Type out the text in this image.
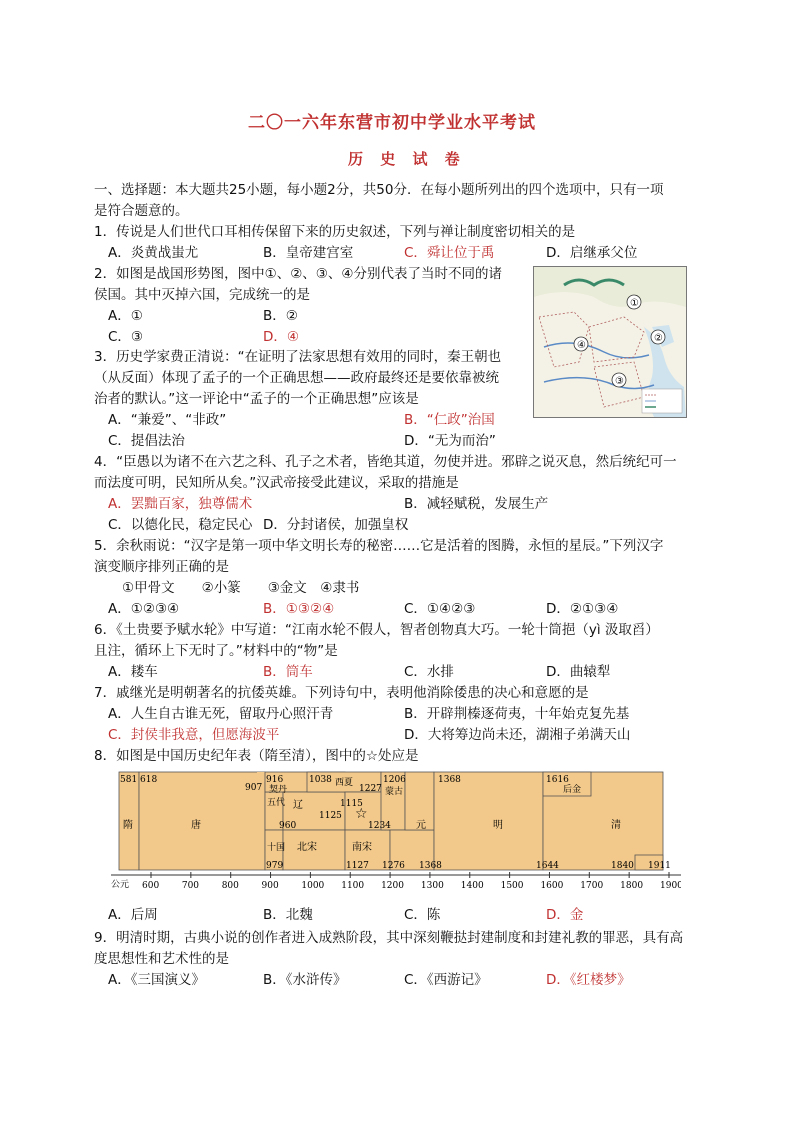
二〇一六年东营市初中学业水平考试
历 史 试 卷
一、选择题：本大题共25小题，每小题2分，共50分．在每小题所列出的四个选项中，只有一项
是符合题意的。
1．传说是人们世代口耳相传保留下来的历史叙述，下列与禅让制度密切相关的是
A．炎黄战蚩尤	B．皇帝建宫室	C．舜让位于禹	D．启继承父位
2．如图是战国形势图，图中①、②、③、④分别代表了当时不同的诸
侯国。其中灭掉六国，完成统一的是
A．①	B．②
C．③	D．④
①
②
③
④
3．历史学家费正清说：“在证明了法家思想有效用的同时，秦王朝也
（从反面）体现了孟子的一个正确思想——政府最终还是要依靠被统
治者的默认。”这一评论中“孟子的一个正确思想”应该是
A．“兼爱”、“非政”	B．“仁政”治国
C．提倡法治	D．“无为而治”
4．“臣愚以为诸不在六艺之科、孔子之术者，皆绝其道，勿使并进。邪辟之说灭息，然后统纪可一
而法度可明，民知所从矣。”汉武帝接受此建议，采取的措施是
A．罢黜百家，独尊儒术	B．减轻赋税，发展生产
C．以德化民，稳定民心 D．分封诸侯，加强皇权
5．余秋雨说：“汉字是第一项中华文明长寿的秘密……它是活着的图腾，永恒的星辰。”下列汉字
演变顺序排列正确的是
①甲骨文　　②小篆　　③金文　④隶书
A．①②③④	B．①③②④	C．①④②③	D．②①③④
6．《土贵要予赋水轮》中写道：“江南水轮不假人，智者创物真大巧。一轮十筒挹（yì 汲取舀）
且注，循环上下无时了。”材料中的“物”是
A．耧车	B．筒车	C．水排	D．曲辕犁
7．戚继光是明朝著名的抗倭英雄。下列诗句中，表明他消除倭患的决心和意愿的是
A．人生自古谁无死，留取丹心照汗青	B．开辟荆榛逐荷夷，十年始克复先基
C．封侯非我意，但愿海波平	D．大将筹边尚未还，湖湘子弟满天山
8．如图是中国历史纪年表（隋至清），图中的☆处应是
581 618
907
916
960
979
1038
1115
1125
1127
1206
1227
1234
1276
1368
1368
1616
1644	1840 1911
隋	唐
五代
十国
契丹
辽
北宋	南宋
西夏
蒙古
元	明
后金
清
☆
公元 600	700	800	900	1000 1100 1200 1300 1400 1500 1600 1700 1800 1900
A．后周	B．北魏	C．陈	D．金
9．明清时期，古典小说的创作者进入成熟阶段，其中深刻鞭挞封建制度和封建礼教的罪恶，具有高
度思想性和艺术性的是
A．《三国演义》	B．《水浒传》	C．《西游记》	D．《红楼梦》
